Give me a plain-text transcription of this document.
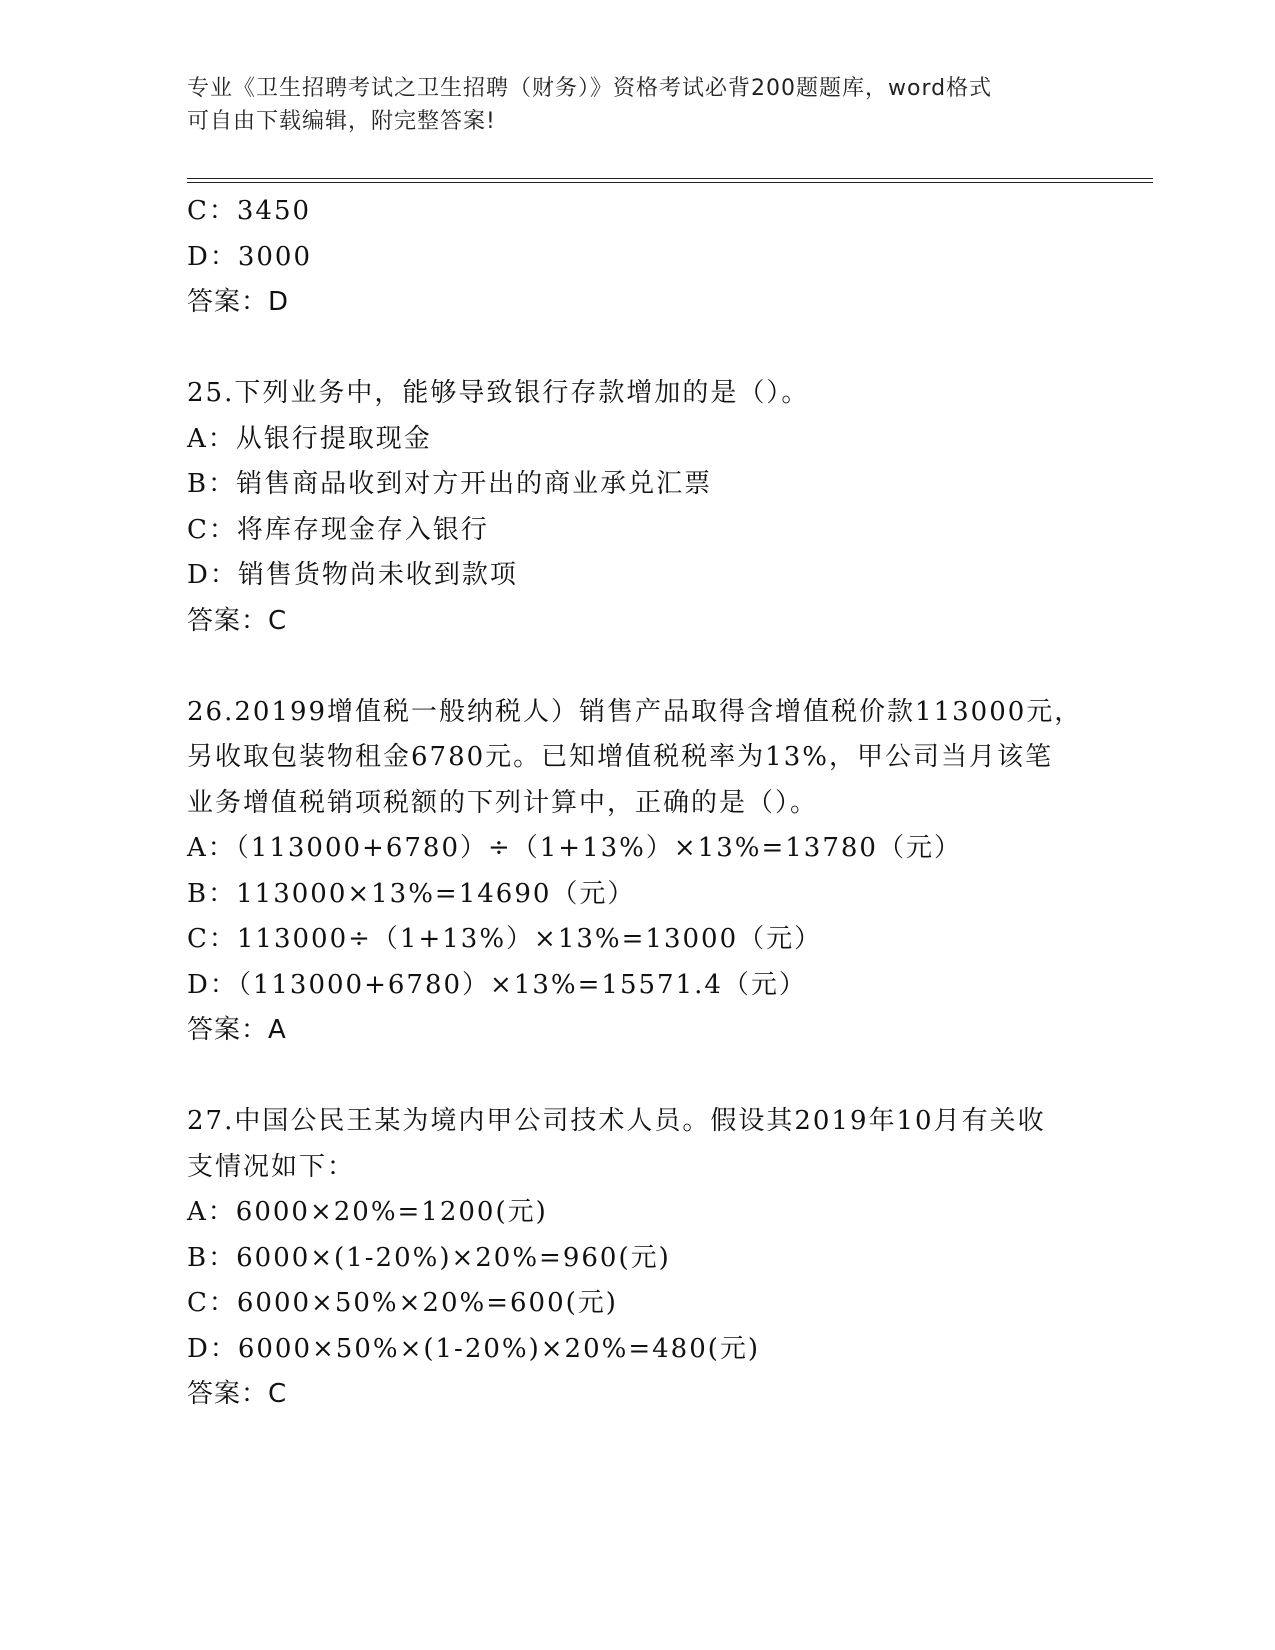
专业《卫生招聘考试之卫生招聘（财务）》资格考试必背200题题库，word格式
可自由下载编辑，附完整答案!
C：3450
D：3000
答案：D
25.下列业务中，能够导致银行存款增加的是（）。
A：从银行提取现金
B：销售商品收到对方开出的商业承兑汇票
C：将库存现金存入银行
D：销售货物尚未收到款项
答案：C
26.20199增值税一般纳税人）销售产品取得含增值税价款113000元，
另收取包装物租金6780元。已知增值税税率为13%，甲公司当月该笔
业务增值税销项税额的下列计算中，正确的是（）。
A：（113000+6780）÷（1+13%）×13%=13780（元）
B：113000×13%=14690（元）
C：113000÷（1+13%）×13%=13000（元）
D：（113000+6780）×13%=15571.4（元）
答案：A
27.中国公民王某为境内甲公司技术人员。假设其2019年10月有关收
支情况如下：
A：6000×20%=1200(元)
B：6000×(1-20%)×20%=960(元)
C：6000×50%×20%=600(元)
D：6000×50%×(1-20%)×20%=480(元)
答案：C
